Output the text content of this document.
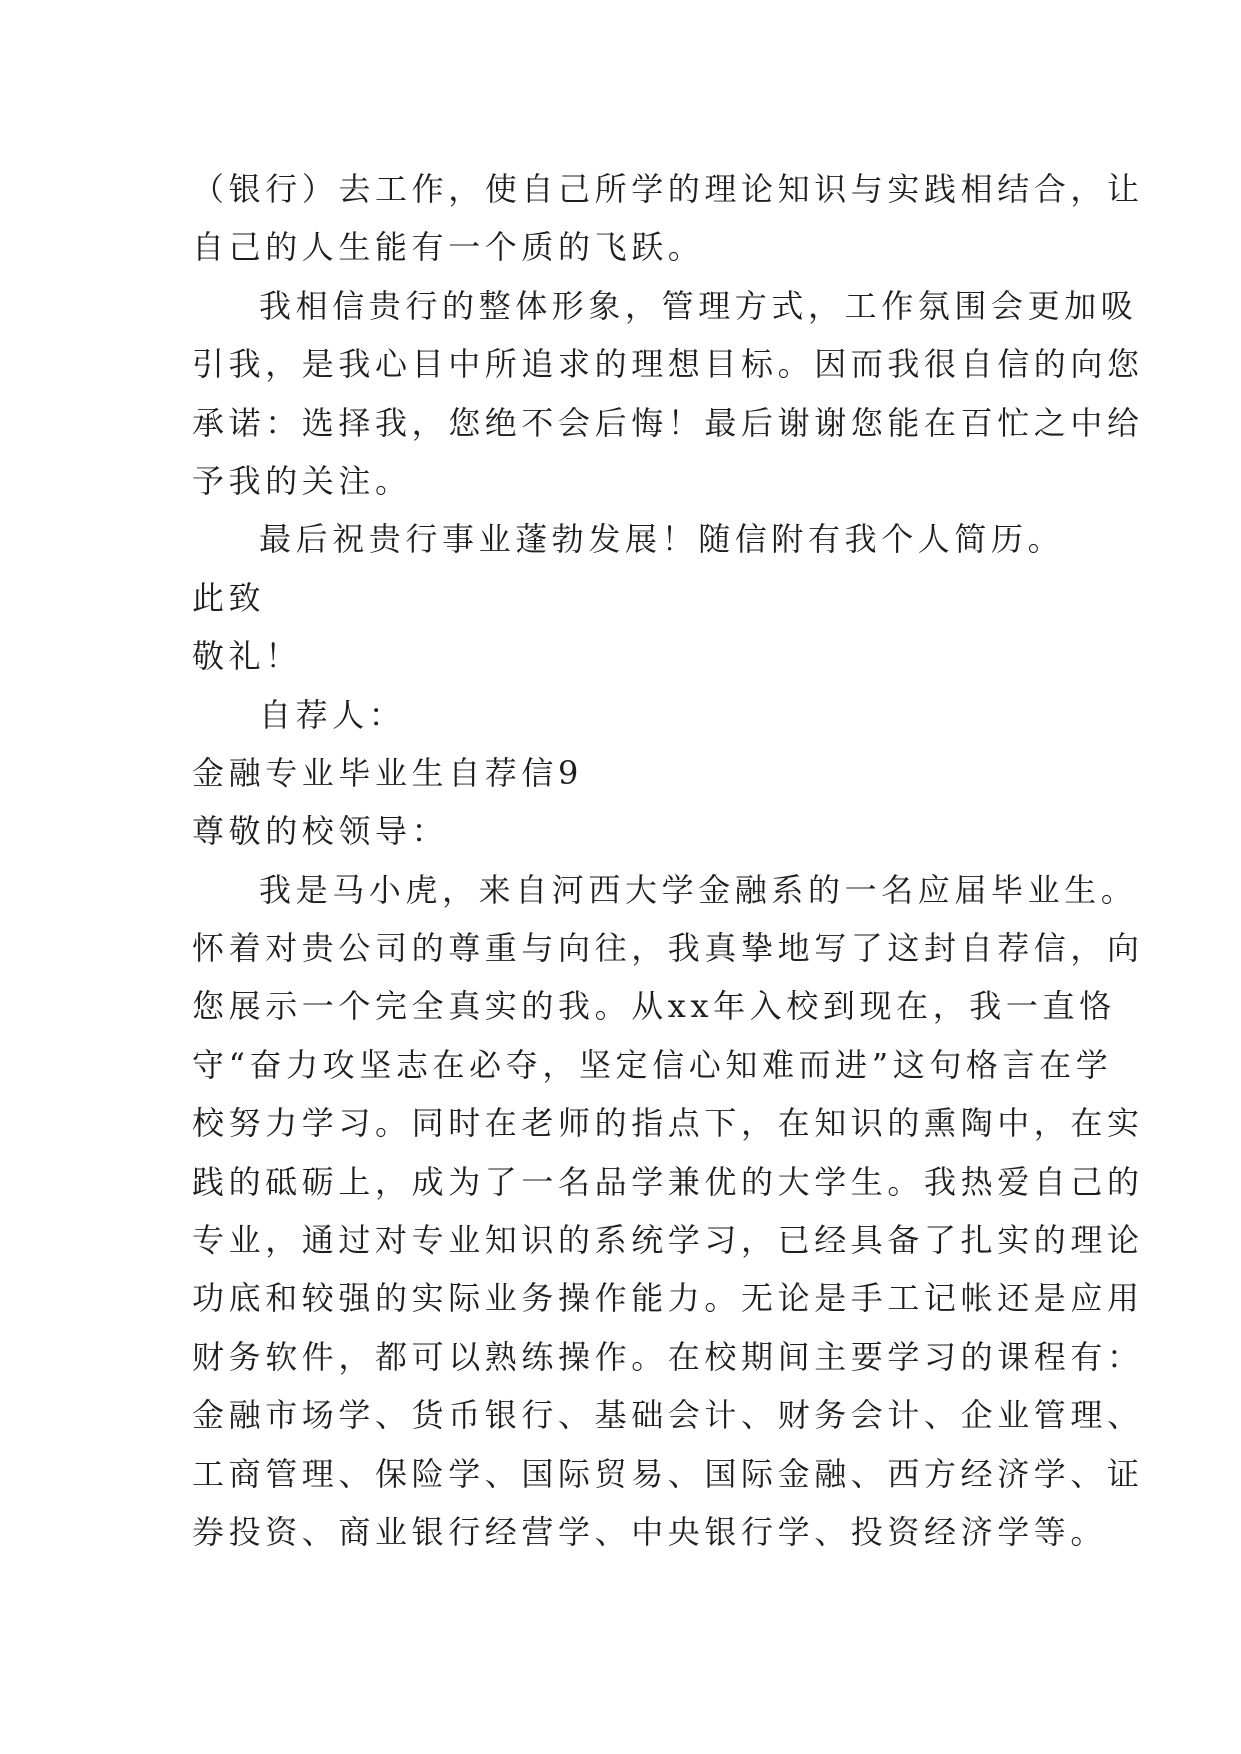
（银行）去工作，使自己所学的理论知识与实践相结合，让
自己的人生能有一个质的飞跃。
我相信贵行的整体形象，管理方式，工作氛围会更加吸
引我，是我心目中所追求的理想目标。因而我很自信的向您
承诺：选择我，您绝不会后悔！最后谢谢您能在百忙之中给
予我的关注。
最后祝贵行事业蓬勃发展！随信附有我个人简历。
此致
敬礼！
自荐人：
金融专业毕业生自荐信9
尊敬的校领导：
我是马小虎，来自河西大学金融系的一名应届毕业生。
怀着对贵公司的尊重与向往，我真挚地写了这封自荐信，向
您展示一个完全真实的我。从xx年入校到现在，我一直恪
守“奋力攻坚志在必夺，坚定信心知难而进”这句格言在学
校努力学习。同时在老师的指点下，在知识的熏陶中，在实
践的砥砺上，成为了一名品学兼优的大学生。我热爱自己的
专业，通过对专业知识的系统学习，已经具备了扎实的理论
功底和较强的实际业务操作能力。无论是手工记帐还是应用
财务软件，都可以熟练操作。在校期间主要学习的课程有：
金融市场学、货币银行、基础会计、财务会计、企业管理、
工商管理、保险学、国际贸易、国际金融、西方经济学、证
券投资、商业银行经营学、中央银行学、投资经济学等。
